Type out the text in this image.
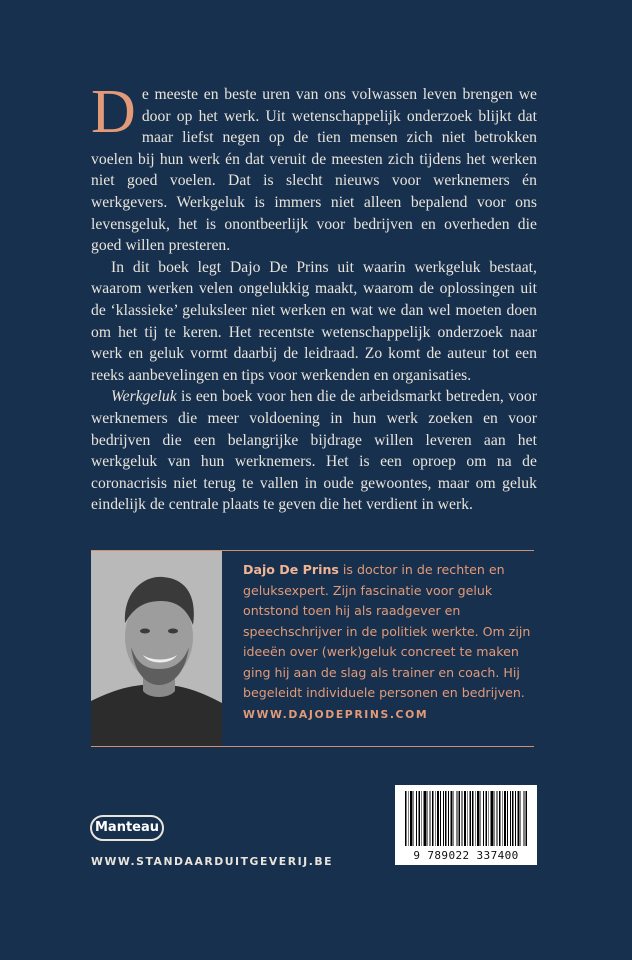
De meeste en beste uren van ons volwassen leven brengen we door op het werk. Uit wetenschappelijk onderzoek blijkt dat maar liefst negen op de tien mensen zich niet betrokken voelen bij hun werk én dat veruit de meesten zich tijdens het werken niet goed voelen. Dat is slecht nieuws voor werknemers én werkgevers. Werkgeluk is immers niet alleen bepalend voor ons levensgeluk, het is onontbeerlijk voor bedrijven en overheden die goed willen presteren.

In dit boek legt Dajo De Prins uit waarin werkgeluk bestaat, waarom werken velen ongelukkig maakt, waarom de oplossingen uit de ‘klassieke’ geluksleer niet werken en wat we dan wel moeten doen om het tij te keren. Het recentste wetenschappelijk onderzoek naar werk en geluk vormt daarbij de leidraad. Zo komt de auteur tot een reeks aanbevelingen en tips voor werkenden en organisaties.

Werkgeluk is een boek voor hen die de arbeidsmarkt betreden, voor werknemers die meer voldoening in hun werk zoeken en voor bedrijven die een belangrijke bijdrage willen leveren aan het werkgeluk van hun werknemers. Het is een oproep om na de coronacrisis niet terug te vallen in oude gewoontes, maar om geluk eindelijk de centrale plaats te geven die het verdient in werk.

Dajo De Prins is doctor in de rechten en geluksexpert. Zijn fascinatie voor geluk ontstond toen hij als raadgever en speechschrijver in de politiek werkte. Om zijn ideeën over (werk)geluk concreet te maken ging hij aan de slag als trainer en coach. Hij begeleidt individuele personen en bedrijven.
WWW.DAJODEPRINS.COM
Manteau
WWW.STANDAARDUITGEVERIJ.BE	9 789022 337400
